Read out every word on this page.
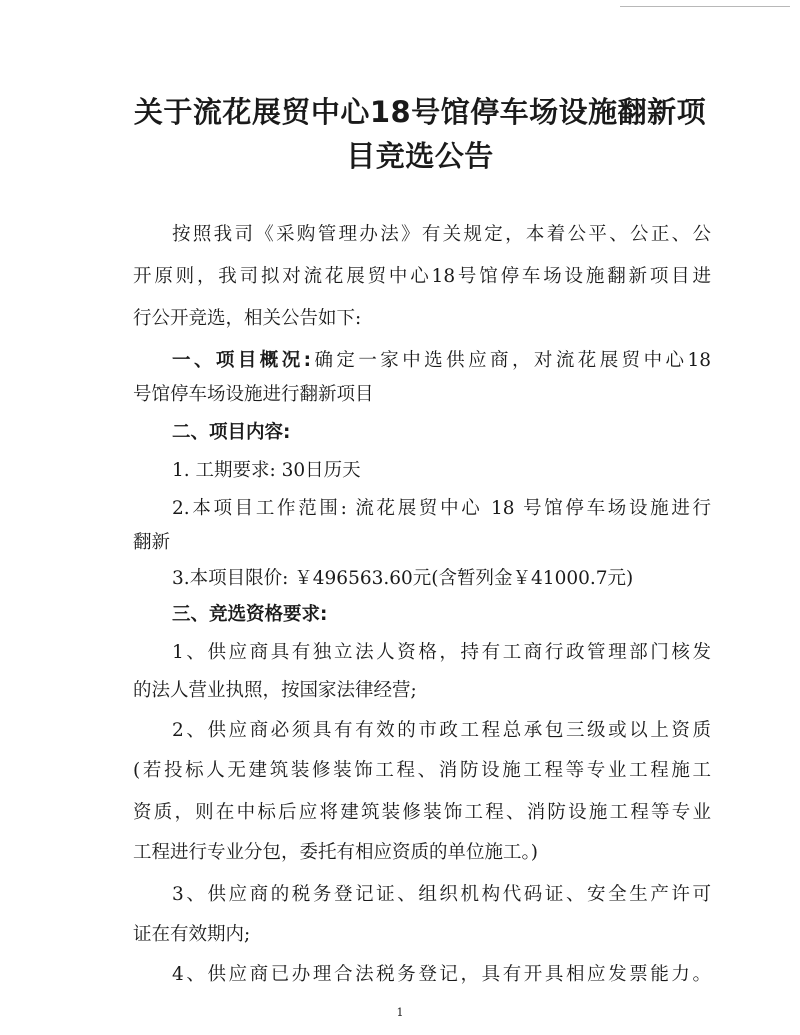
关于流花展贸中心18号馆停车场设施翻新项
目竞选公告

按照我司《采购管理办法》有关规定，本着公平、公正、公

开原则，我司拟对流花展贸中心18号馆停车场设施翻新项目进

行公开竞选，相关公告如下:

一、项目概况:确定一家中选供应商，对流花展贸中心18

号馆停车场设施进行翻新项目

二、项目内容:

1. 工期要求: 30日历天

2.本项目工作范围: 流花展贸中心 18 号馆停车场设施进行

翻新

3.本项目限价: ￥496563.60元(含暂列金￥41000.7元)

三、竞选资格要求:

1、供应商具有独立法人资格，持有工商行政管理部门核发

的法人营业执照，按国家法律经营;

2、供应商必须具有有效的市政工程总承包三级或以上资质

(若投标人无建筑装修装饰工程、消防设施工程等专业工程施工

资质，则在中标后应将建筑装修装饰工程、消防设施工程等专业

工程进行专业分包，委托有相应资质的单位施工。)

3、供应商的税务登记证、组织机构代码证、安全生产许可

证在有效期内;

4、供应商已办理合法税务登记，具有开具相应发票能力。

1
